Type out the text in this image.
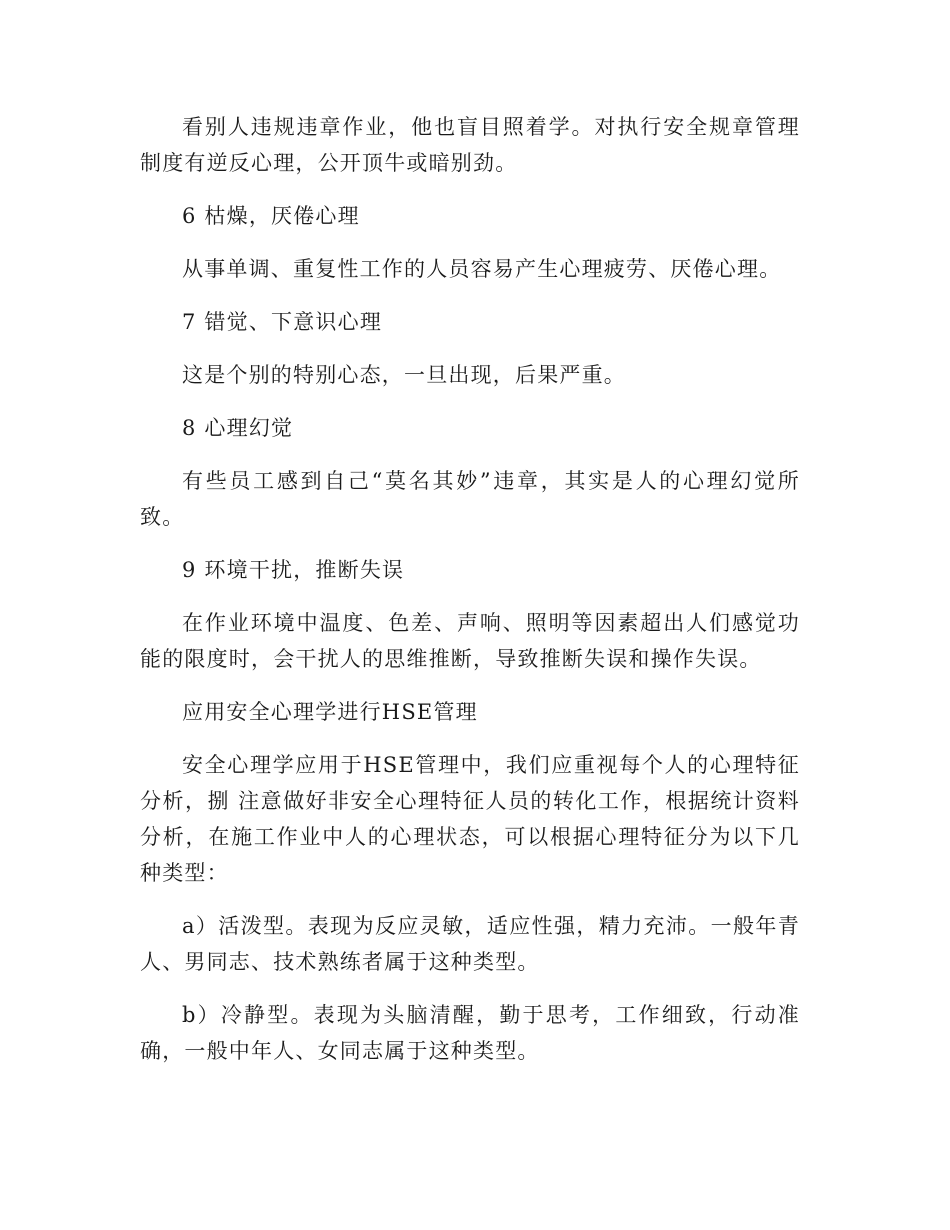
看别人违规违章作业，他也盲目照着学。对执行安全规章管理制度有逆反心理，公开顶牛或暗别劲。

6 枯燥，厌倦心理

从事单调、重复性工作的人员容易产生心理疲劳、厌倦心理。

7 错觉、下意识心理

这是个别的特别心态，一旦出现，后果严重。

8 心理幻觉

有些员工感到自己“莫名其妙”违章，其实是人的心理幻觉所致。

9 环境干扰，推断失误

在作业环境中温度、色差、声响、照明等因素超出人们感觉功能的限度时，会干扰人的思维推断，导致推断失误和操作失误。

应用安全心理学进行HSE管理

安全心理学应用于HSE管理中，我们应重视每个人的心理特征分析，捌 注意做好非安全心理特征人员的转化工作，根据统计资料分析，在施工作业中人的心理状态，可以根据心理特征分为以下几种类型：

a）活泼型。表现为反应灵敏，适应性强，精力充沛。一般年青人、男同志、技术熟练者属于这种类型。

b）冷静型。表现为头脑清醒，勤于思考，工作细致，行动准确，一般中年人、女同志属于这种类型。
